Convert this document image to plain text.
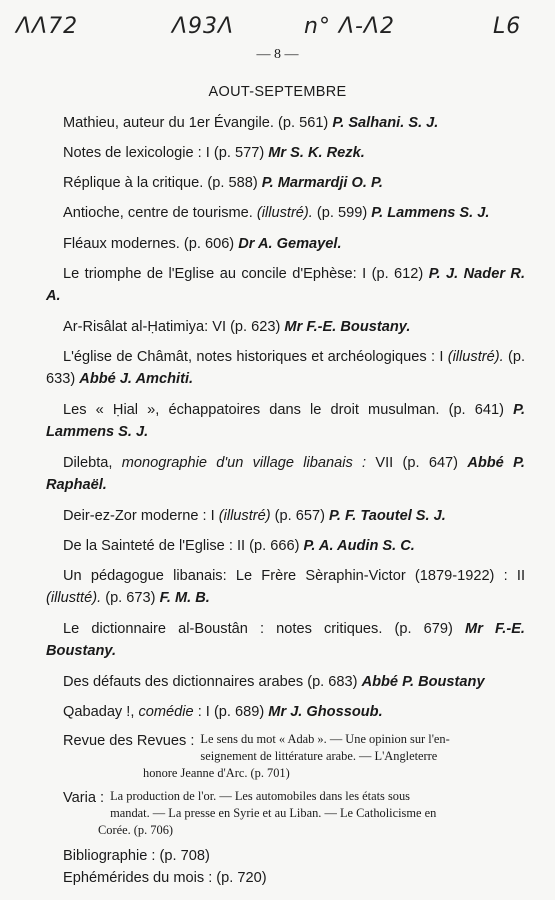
ΛΛ72	Λ93Λ	n° Λ-Λ2	L6
— 8 —
AOUT-SEPTEMBRE
Mathieu, auteur du 1er Évangile. (p. 561) P. Salhani. S. J.
Notes de lexicologie : I (p. 577) Mr S. K. Rezk.
Réplique à la critique. (p. 588) P. Marmardji O. P.
Antioche, centre de tourisme. (illustré). (p. 599) P. Lammens S. J.
Fléaux modernes. (p. 606) Dr A. Gemayel.
Le triomphe de l'Eglise au concile d'Ephèse: I (p. 612) P. J. Nader R. A.
Ar-Risâlat al-Ḥatimiya: VI (p. 623) Mr F.-E. Boustany.
L'église de Châmât, notes historiques et archéologiques : I (illustré). (p. 633) Abbé J. Amchiti.
Les « Ḥial », échappatoires dans le droit musulman. (p. 641) P. Lammens S. J.
Dilebta, monographie d'un village libanais : VII (p. 647) Abbé P. Raphaël.
Deir-ez-Zor moderne : I (illustré) (p. 657) P. F. Taoutel S. J.
De la Sainteté de l'Eglise : II (p. 666) P. A. Audin S. C.
Un pédagogue libanais: Le Frère Sèraphin-Victor (1879-1922) : II (illustté). (p. 673) F. M. B.
Le dictionnaire al-Boustân : notes critiques. (p. 679) Mr F.-E. Boustany.
Des défauts des dictionnaires arabes (p. 683) Abbé P. Boustany
Qabaday !, comédie : I (p. 689) Mr J. Ghossoub.
Revue des Revues : Le sens du mot « Adab ». — Une opinion sur l'en-
seignement de littérature arabe. — L'Angleterre
honore Jeanne d'Arc. (p. 701)
Varia : La production de l'or. — Les automobiles dans les états sous
mandat. — La presse en Syrie et au Liban. — Le Catholicisme en
Corée. (p. 706)
Bibliographie : (p. 708)
Ephémérides du mois : (p. 720)
